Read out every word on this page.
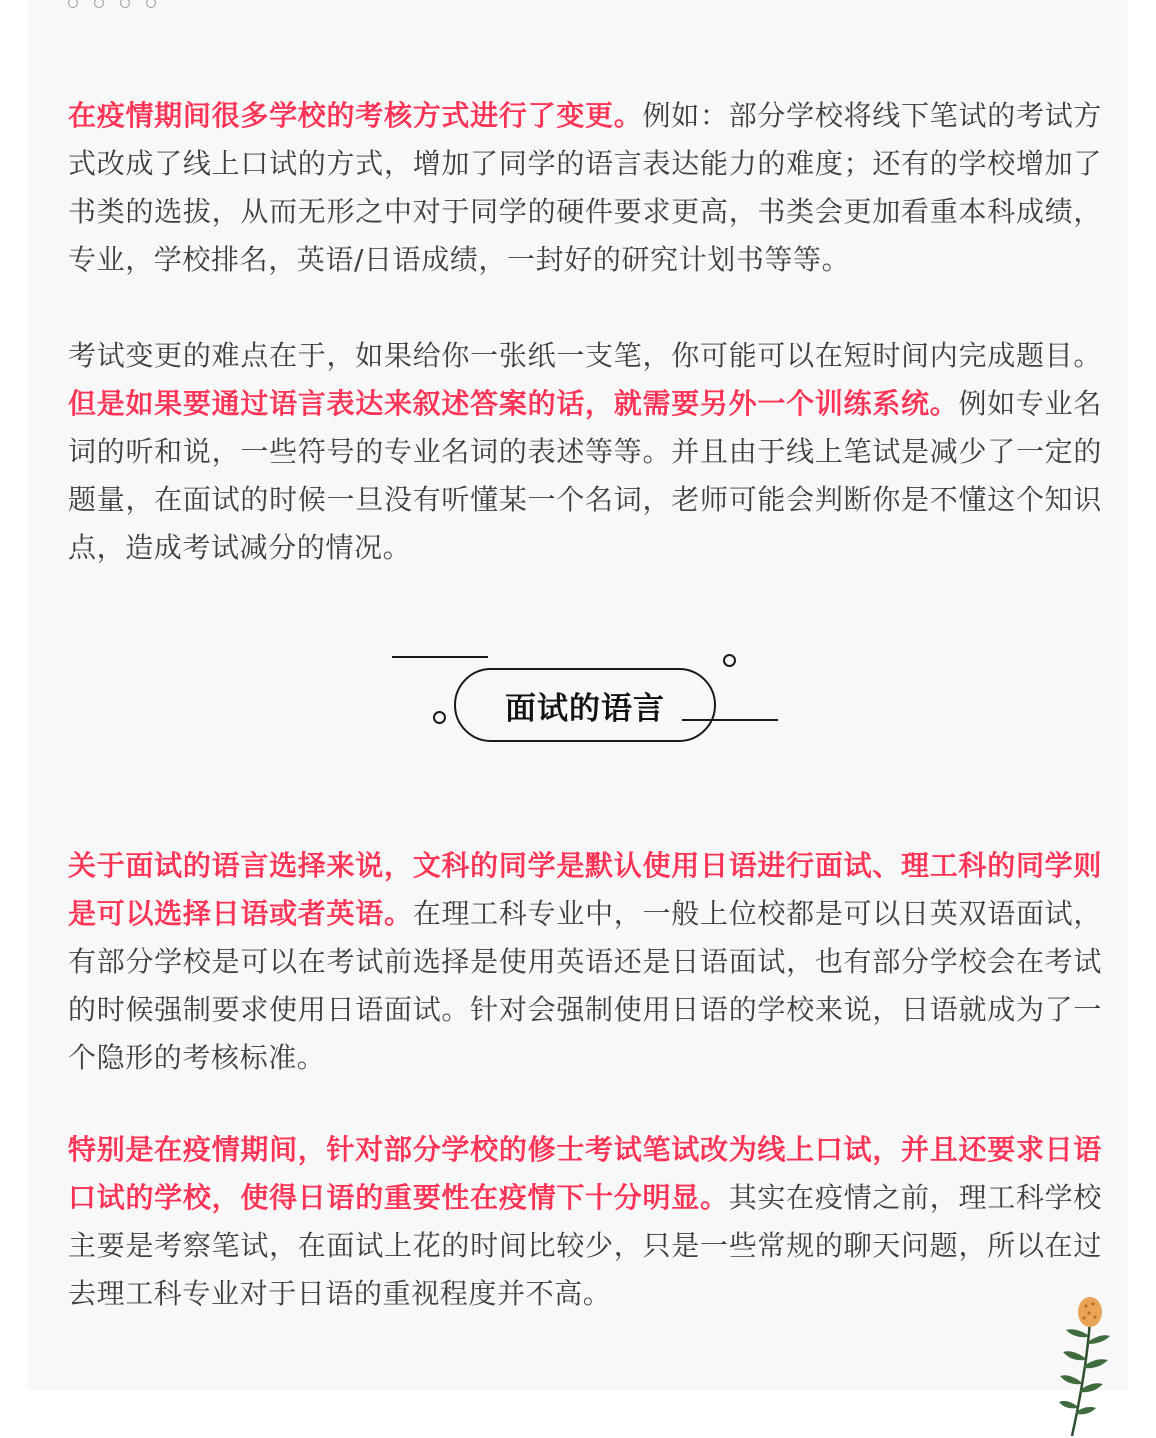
在疫情期间很多学校的考核方式进行了变更。例如：部分学校将线下笔试的考试方式改成了线上口试的方式，增加了同学的语言表达能力的难度；还有的学校增加了书类的选拔，从而无形之中对于同学的硬件要求更高，书类会更加看重本科成绩，专业，学校排名，英语/日语成绩，一封好的研究计划书等等。

考试变更的难点在于，如果给你一张纸一支笔，你可能可以在短时间内完成题目。但是如果要通过语言表达来叙述答案的话，就需要另外一个训练系统。例如专业名词的听和说，一些符号的专业名词的表述等等。并且由于线上笔试是减少了一定的题量，在面试的时候一旦没有听懂某一个名词，老师可能会判断你是不懂这个知识点，造成考试减分的情况。

面试的语言

关于面试的语言选择来说，文科的同学是默认使用日语进行面试、理工科的同学则是可以选择日语或者英语。在理工科专业中，一般上位校都是可以日英双语面试，有部分学校是可以在考试前选择是使用英语还是日语面试，也有部分学校会在考试的时候强制要求使用日语面试。针对会强制使用日语的学校来说，日语就成为了一个隐形的考核标准。

特别是在疫情期间，针对部分学校的修士考试笔试改为线上口试，并且还要求日语口试的学校，使得日语的重要性在疫情下十分明显。其实在疫情之前，理工科学校主要是考察笔试，在面试上花的时间比较少，只是一些常规的聊天问题，所以在过去理工科专业对于日语的重视程度并不高。
